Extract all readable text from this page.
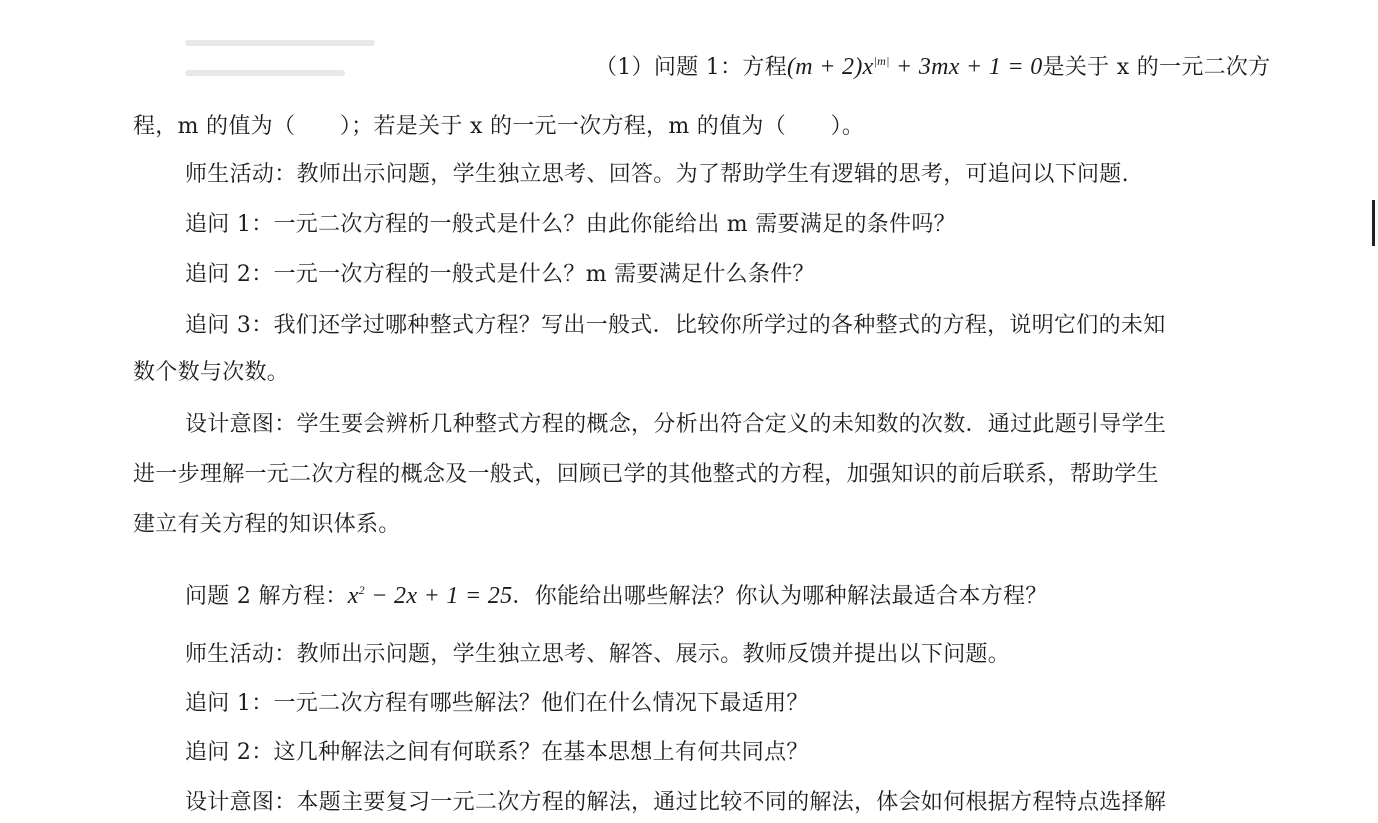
（1）问题 1：方程$(m + 2)x^{|m|} + 3mx + 1 = 0$是关于 x 的一元二次方
程，m 的值为（　　）；若是关于 x 的一元一次方程，m 的值为（　　）。
师生活动：教师出示问题，学生独立思考、回答。为了帮助学生有逻辑的思考，可追问以下问题.
追问 1：一元二次方程的一般式是什么？由此你能给出 m 需要满足的条件吗？
追问 2：一元一次方程的一般式是什么？m 需要满足什么条件？
追问 3：我们还学过哪种整式方程？写出一般式．比较你所学过的各种整式的方程，说明它们的未知
数个数与次数。
设计意图：学生要会辨析几种整式方程的概念，分析出符合定义的未知数的次数．通过此题引导学生
进一步理解一元二次方程的概念及一般式，回顾已学的其他整式的方程，加强知识的前后联系，帮助学生
建立有关方程的知识体系。
问题 2 解方程：$x^2 - 2x + 1 = 25$．你能给出哪些解法？你认为哪种解法最适合本方程？
师生活动：教师出示问题，学生独立思考、解答、展示。教师反馈并提出以下问题。
追问 1：一元二次方程有哪些解法？他们在什么情况下最适用？
追问 2：这几种解法之间有何联系？在基本思想上有何共同点？
设计意图：本题主要复习一元二次方程的解法，通过比较不同的解法，体会如何根据方程特点选择解
